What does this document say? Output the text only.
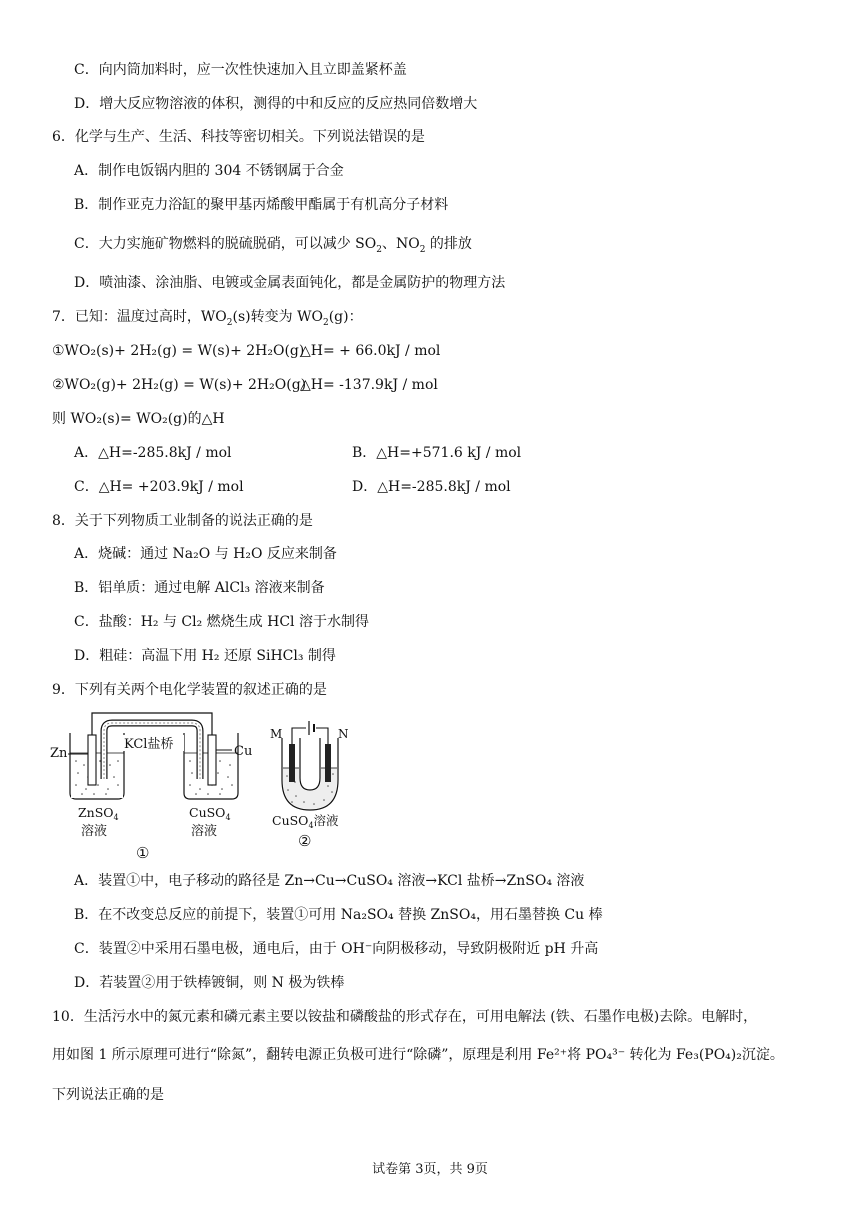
C．向内筒加料时，应一次性快速加入且立即盖紧杯盖
D．增大反应物溶液的体积，测得的中和反应的反应热同倍数增大
6．化学与生产、生活、科技等密切相关。下列说法错误的是
A．制作电饭锅内胆的 304 不锈钢属于合金
B．制作亚克力浴缸的聚甲基丙烯酸甲酯属于有机高分子材料
C．大力实施矿物燃料的脱硫脱硝，可以减少 $SO_2$、$NO_2$ 的排放
D．喷油漆、涂油脂、电镀或金属表面钝化，都是金属防护的物理方法
7．已知：温度过高时，$WO_2(s)$转变为 $WO_2(g)$：
①WO₂(s)+ 2H₂(g) = W(s)+ 2H₂O(g)
△H= + 66.0kJ / mol
②WO₂(g)+ 2H₂(g) = W(s)+ 2H₂O(g)
△H= -137.9kJ / mol
则 WO₂(s)= WO₂(g)的△H
A．△H=-285.8kJ / mol	B．△H=+571.6 kJ / mol
C．△H= +203.9kJ / mol	D．△H=-285.8kJ / mol
8．关于下列物质工业制备的说法正确的是
A．烧碱：通过 Na₂O 与 H₂O 反应来制备
B．铝单质：通过电解 AlCl₃ 溶液来制备
C．盐酸：H₂ 与 Cl₂ 燃烧生成 HCl 溶于水制得
D．粗硅：高温下用 H₂ 还原 SiHCl₃ 制得
9．下列有关两个电化学装置的叙述正确的是
Zn	Cu
KCl盐桥
ZnSO$_4$
溶液
CuSO$_4$
溶液
①
M	N
CuSO$_4$溶液
②
A．装置①中，电子移动的路径是 Zn→Cu→CuSO₄ 溶液→KCl 盐桥→ZnSO₄ 溶液
B．在不改变总反应的前提下，装置①可用 Na₂SO₄ 替换 ZnSO₄，用石墨替换 Cu 棒
C．装置②中采用石墨电极，通电后，由于 OH⁻向阴极移动，导致阴极附近 pH 升高
D．若装置②用于铁棒镀铜，则 N 极为铁棒
10．生活污水中的氮元素和磷元素主要以铵盐和磷酸盐的形式存在，可用电解法 (铁、石墨作电极)去除。电解时，
用如图 1 所示原理可进行“除氮”，翻转电源正负极可进行“除磷”，原理是利用 Fe²⁺将 PO₄³⁻ 转化为 Fe₃(PO₄)₂沉淀。
下列说法正确的是
试卷第 3页，共 9页
